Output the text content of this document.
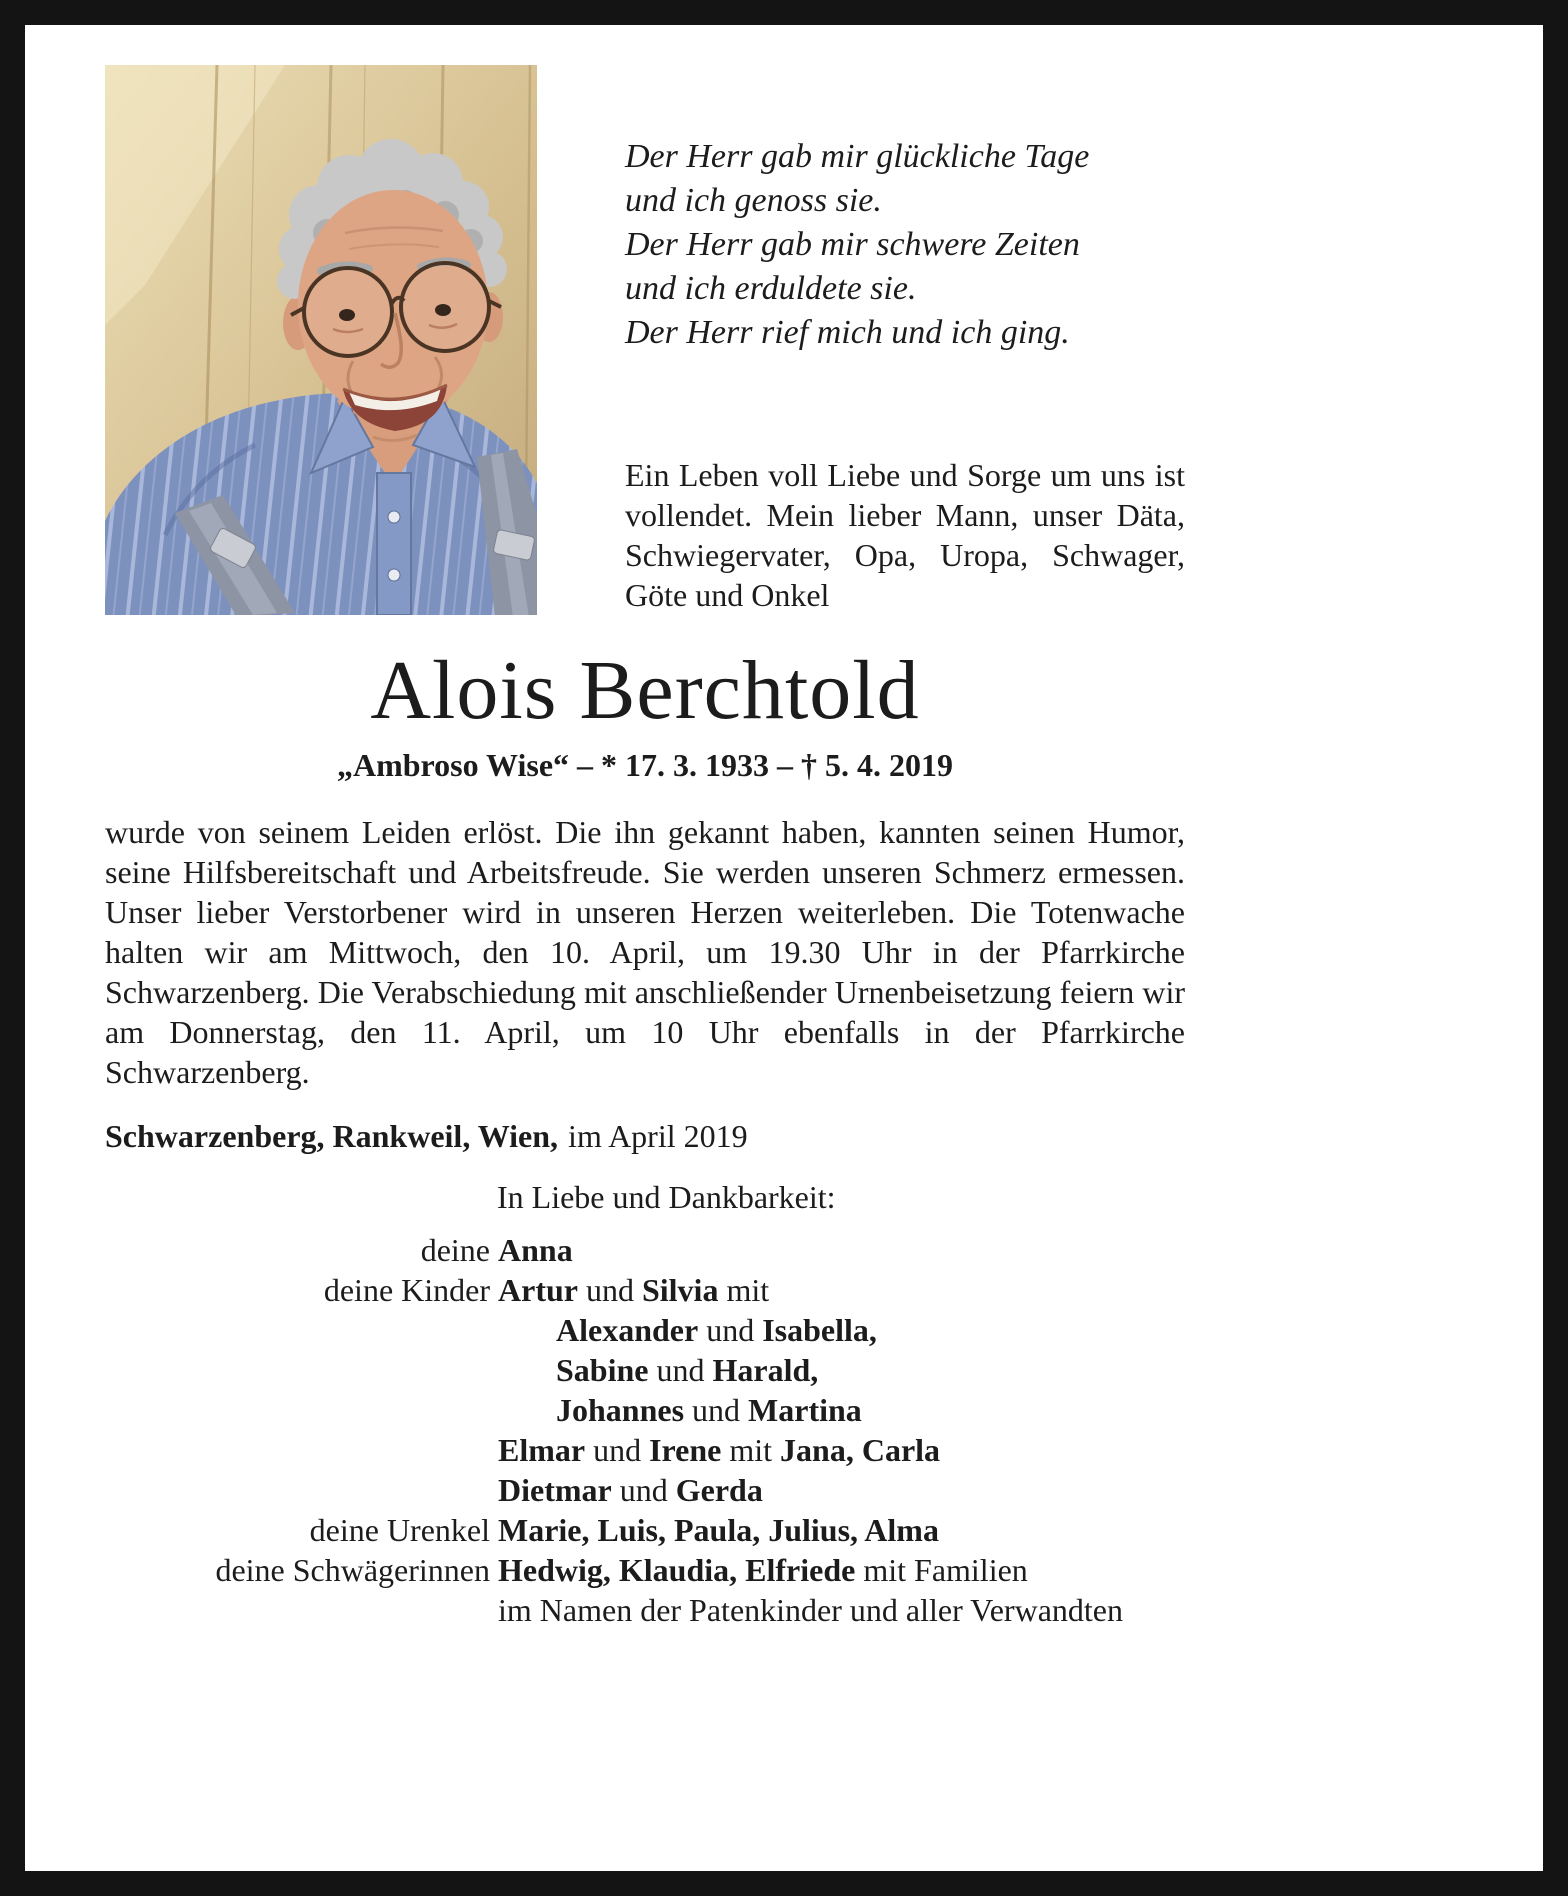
Der Herr gab mir glückliche Tage
und ich genoss sie.
Der Herr gab mir schwere Zeiten
und ich erduldete sie.
Der Herr rief mich und ich ging.

Ein Leben voll Liebe und Sorge um uns ist vollendet. Mein lieber Mann, unser Däta, Schwiegervater, Opa, Uropa, Schwager, Göte und Onkel

Alois Berchtold
„Ambroso Wise“ – * 17. 3. 1933 – † 5. 4. 2019

wurde von seinem Leiden erlöst. Die ihn gekannt haben, kannten seinen Humor, seine Hilfsbereitschaft und Arbeitsfreude. Sie werden unseren Schmerz ermessen. Unser lieber Verstorbener wird in unseren Herzen weiterleben. Die Totenwache halten wir am Mittwoch, den 10. April, um 19.30 Uhr in der Pfarrkirche Schwarzenberg. Die Verabschiedung mit anschließender Urnenbeisetzung feiern wir am Donnerstag, den 11. April, um 10 Uhr ebenfalls in der Pfarrkirche Schwarzenberg.

Schwarzenberg, Rankweil, Wien, im April 2019

In Liebe und Dankbarkeit:

deine Anna
deine Kinder Artur und Silvia mit
Alexander und Isabella,
Sabine und Harald,
Johannes und Martina
Elmar und Irene mit Jana, Carla
Dietmar und Gerda
deine Urenkel Marie, Luis, Paula, Julius, Alma
deine Schwägerinnen Hedwig, Klaudia, Elfriede mit Familien
im Namen der Patenkinder und aller Verwandten
